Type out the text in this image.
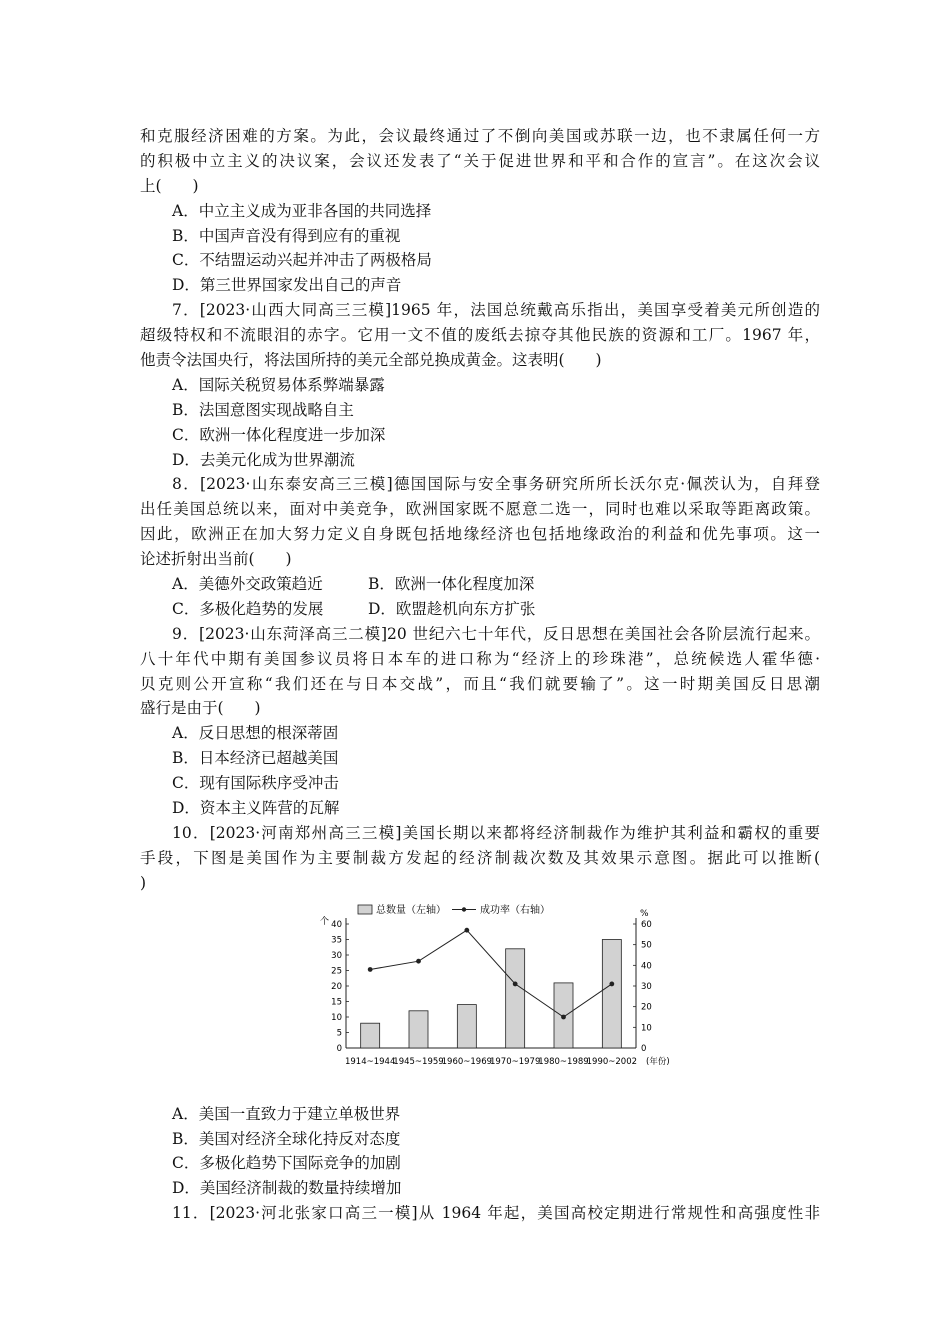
和克服经济困难的方案。为此，会议最终通过了不倒向美国或苏联一边，也不隶属任何一方
的积极中立主义的决议案，会议还发表了“关于促进世界和平和合作的宣言”。在这次会议
上(　　)
A．中立主义成为亚非各国的共同选择
B．中国声音没有得到应有的重视
C．不结盟运动兴起并冲击了两极格局
D．第三世界国家发出自己的声音
7．[2023·山西大同高三三模]1965 年，法国总统戴高乐指出，美国享受着美元所创造的
超级特权和不流眼泪的赤字。它用一文不值的废纸去掠夺其他民族的资源和工厂。1967 年，
他责令法国央行，将法国所持的美元全部兑换成黄金。这表明(　　)
A．国际关税贸易体系弊端暴露
B．法国意图实现战略自主
C．欧洲一体化程度进一步加深
D．去美元化成为世界潮流
8．[2023·山东泰安高三三模]德国国际与安全事务研究所所长沃尔克·佩茨认为，自拜登
出任美国总统以来，面对中美竞争，欧洲国家既不愿意二选一，同时也难以采取等距离政策。
因此，欧洲正在加大努力定义自身既包括地缘经济也包括地缘政治的利益和优先事项。这一
论述折射出当前(　　)
A．美德外交政策趋近	B．欧洲一体化程度加深
C．多极化趋势的发展	D．欧盟趁机向东方扩张
9．[2023·山东菏泽高三二模]20 世纪六七十年代，反日思想在美国社会各阶层流行起来。
八十年代中期有美国参议员将日本车的进口称为“经济上的珍珠港”，总统候选人霍华德·
贝克则公开宣称“我们还在与日本交战”，而且“我们就要输了”。这一时期美国反日思潮
盛行是由于(　　)
A．反日思想的根深蒂固
B．日本经济已超越美国
C．现有国际秩序受冲击
D．资本主义阵营的瓦解
10．[2023·河南郑州高三三模]美国长期以来都将经济制裁作为维护其利益和霸权的重要
手段，下图是美国作为主要制裁方发起的经济制裁次数及其效果示意图。据此可以推断(
)
总数量（左轴）	成功率（右轴）
个
%
(年份)
0
5
10
15
20
25
30
35
40
0
10
20
30
40
50
60
1914~1944
1945~1959
1960~1969
1970~1979
1980~1989
1990~2002
A．美国一直致力于建立单极世界
B．美国对经济全球化持反对态度
C．多极化趋势下国际竞争的加剧
D．美国经济制裁的数量持续增加
11．[2023·河北张家口高三一模]从 1964 年起，美国高校定期进行常规性和高强度性非
